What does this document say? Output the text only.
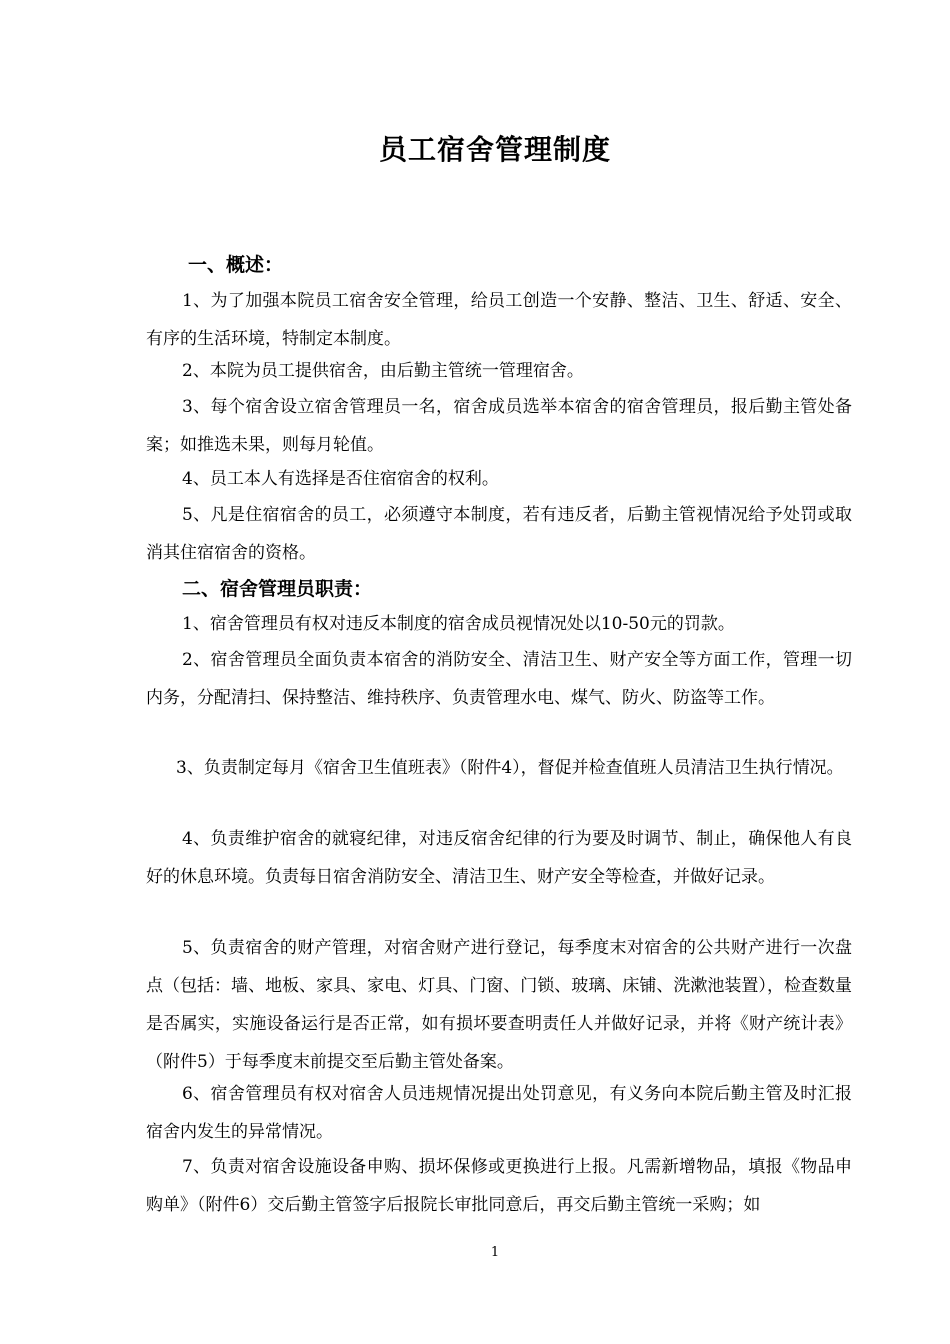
员工宿舍管理制度
一、概述：
1、为了加强本院员工宿舍安全管理，给员工创造一个安静、整洁、卫生、舒适、安全、有序的生活环境，特制定本制度。
2、本院为员工提供宿舍，由后勤主管统一管理宿舍。
3、每个宿舍设立宿舍管理员一名，宿舍成员选举本宿舍的宿舍管理员，报后勤主管处备案；如推选未果，则每月轮值。
4、员工本人有选择是否住宿宿舍的权利。
5、凡是住宿宿舍的员工，必须遵守本制度，若有违反者，后勤主管视情况给予处罚或取消其住宿宿舍的资格。
二、宿舍管理员职责：
1、宿舍管理员有权对违反本制度的宿舍成员视情况处以10-50元的罚款。
2、宿舍管理员全面负责本宿舍的消防安全、清洁卫生、财产安全等方面工作，管理一切内务，分配清扫、保持整洁、维持秩序、负责管理水电、煤气、防火、防盗等工作。
3、负责制定每月《宿舍卫生值班表》（附件4），督促并检查值班人员清洁卫生执行情况。
4、负责维护宿舍的就寝纪律，对违反宿舍纪律的行为要及时调节、制止，确保他人有良好的休息环境。负责每日宿舍消防安全、清洁卫生、财产安全等检查，并做好记录。
5、负责宿舍的财产管理，对宿舍财产进行登记，每季度末对宿舍的公共财产进行一次盘点（包括：墙、地板、家具、家电、灯具、门窗、门锁、玻璃、床铺、洗漱池装置），检查数量是否属实，实施设备运行是否正常，如有损坏要查明责任人并做好记录，并将《财产统计表》（附件5）于每季度末前提交至后勤主管处备案。
6、宿舍管理员有权对宿舍人员违规情况提出处罚意见，有义务向本院后勤主管及时汇报宿舍内发生的异常情况。
7、负责对宿舍设施设备申购、损坏保修或更换进行上报。凡需新增物品，填报《物品申购单》（附件6）交后勤主管签字后报院长审批同意后，再交后勤主管统一采购；如
1
